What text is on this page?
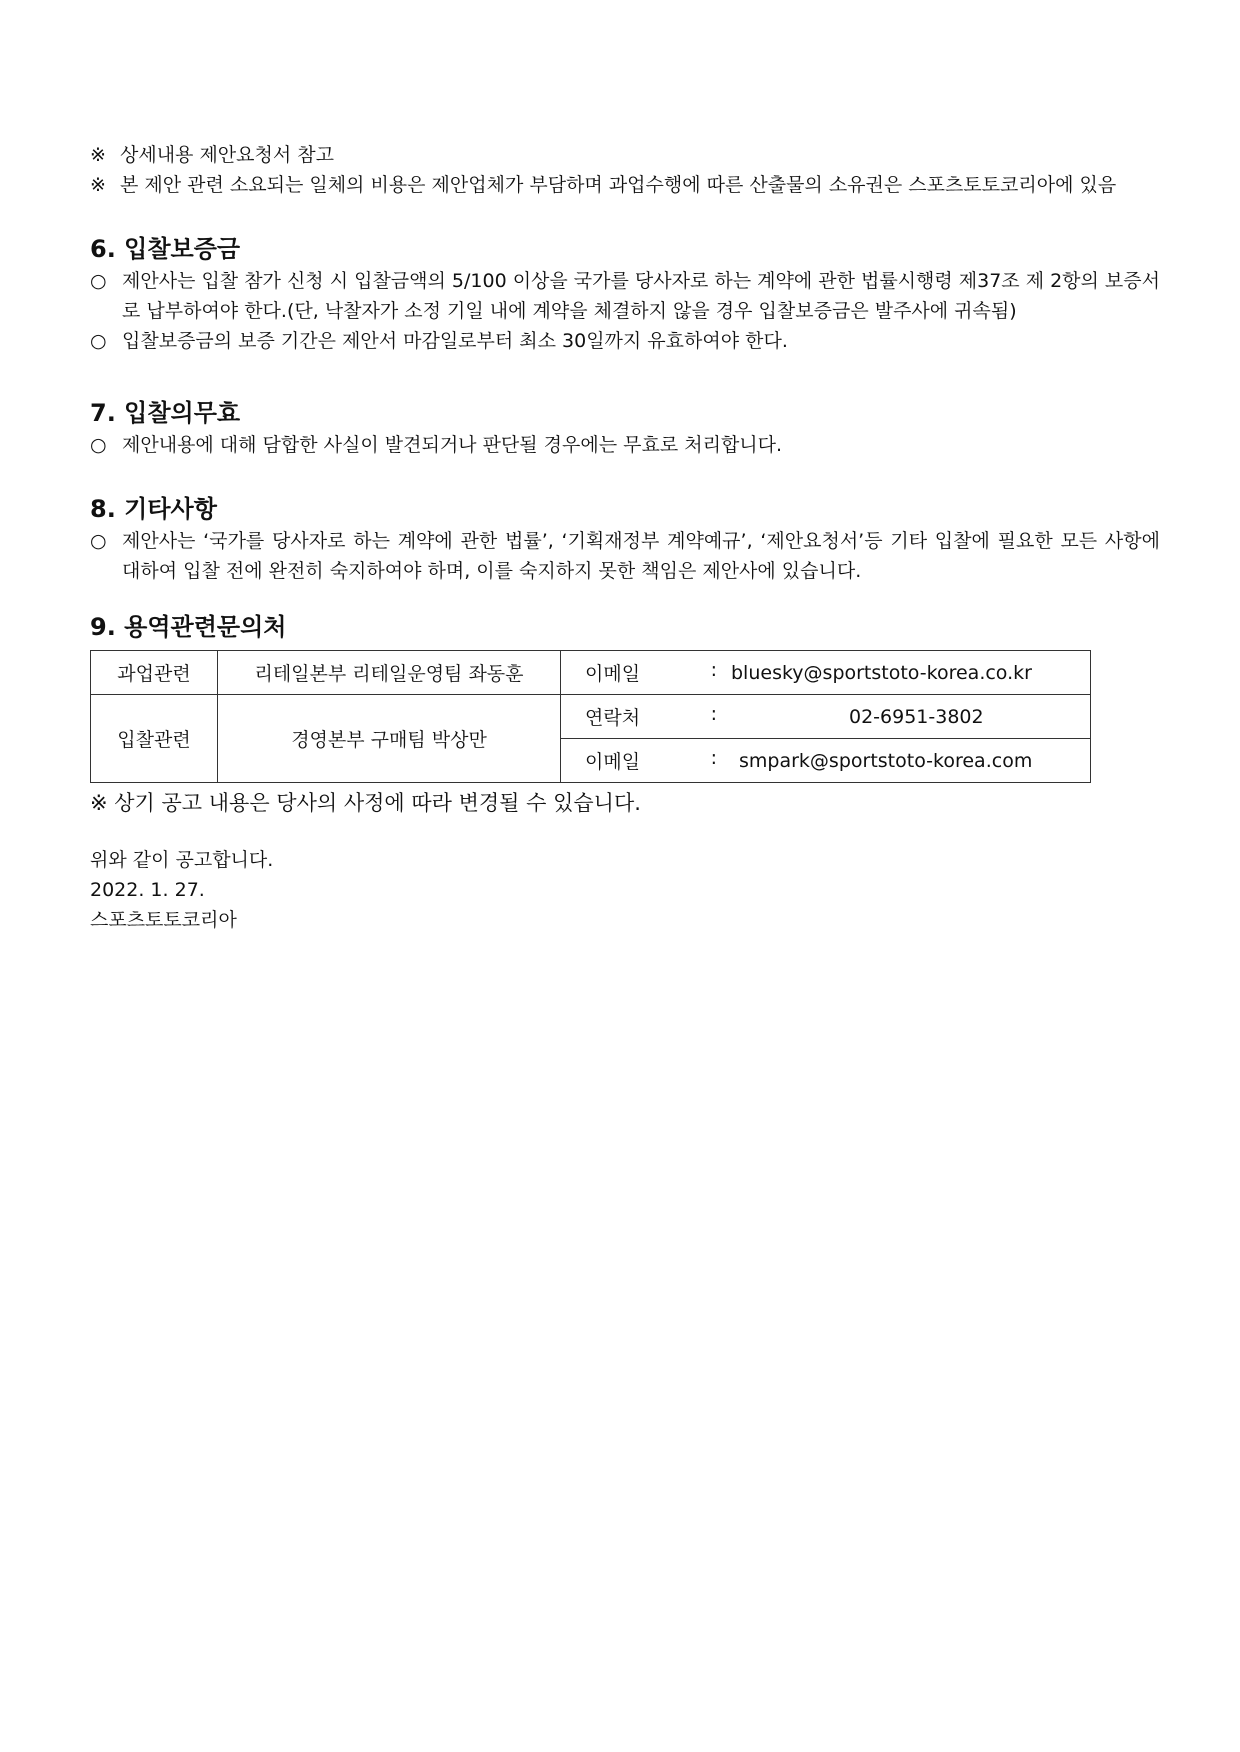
※ 상세내용 제안요청서 참고
※ 본 제안 관련 소요되는 일체의 비용은 제안업체가 부담하며 과업수행에 따른 산출물의 소유권은 스포츠토토코리아에 있음
6. 입찰보증금
○ 제안사는 입찰 참가 신청 시 입찰금액의 5/100 이상을 국가를 당사자로 하는 계약에 관한 법률시행령 제37조 제 2항의 보증서로 납부하여야 한다.(단, 낙찰자가 소정 기일 내에 계약을 체결하지 않을 경우 입찰보증금은 발주사에 귀속됨)
○ 입찰보증금의 보증 기간은 제안서 마감일로부터 최소 30일까지 유효하여야 한다.
7. 입찰의무효
○ 제안내용에 대해 담합한 사실이 발견되거나 판단될 경우에는 무효로 처리합니다.
8. 기타사항
○ 제안사는 ‘국가를 당사자로 하는 계약에 관한 법률’, ‘기획재정부 계약예규’, ‘제안요청서’등 기타 입찰에 필요한 모든 사항에 대하여 입찰 전에 완전히 숙지하여야 하며, 이를 숙지하지 못한 책임은 제안사에 있습니다.
9. 용역관련문의처
과업관련	리테일본부 리테일운영팀 좌동훈	이메일 :	bluesky@sportstoto-korea.co.kr
입찰관련	경영본부 구매팀 박상만	연락처 :	02-6951-3802

		이메일 :	smpark@sportstoto-korea.com
※ 상기 공고 내용은 당사의 사정에 따라 변경될 수 있습니다.
위와 같이 공고합니다.
2022. 1. 27.
스포츠토토코리아
